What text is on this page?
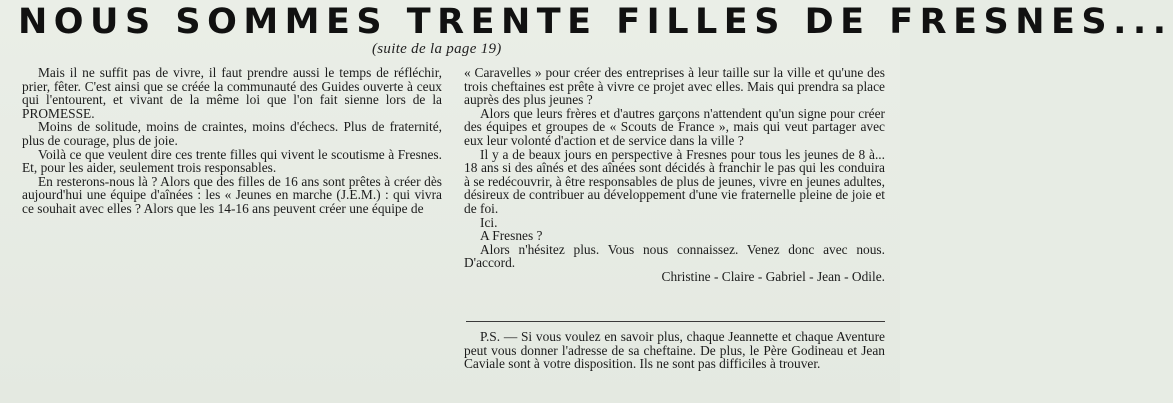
NOUS SOMMES TRENTE FILLES DE FRESNES...
(suite de la page 19)

Mais il ne suffit pas de vivre, il faut prendre aussi le temps de réfléchir, prier, fêter. C'est ainsi que se créée la communauté des Guides ouverte à ceux qui l'entourent, et vivant de la même loi que l'on fait sienne lors de la PROMESSE.

Moins de solitude, moins de craintes, moins d'échecs. Plus de fraternité, plus de courage, plus de joie.

Voilà ce que veulent dire ces trente filles qui vivent le scoutisme à Fresnes. Et, pour les aider, seulement trois responsables.

En resterons-nous là ? Alors que des filles de 16 ans sont prêtes à créer dès aujourd'hui une équipe d'aînées : les « Jeunes en marche (J.E.M.) : qui vivra ce souhait avec elles ? Alors que les 14-16 ans peuvent créer une équipe de

« Caravelles » pour créer des entreprises à leur taille sur la ville et qu'une des trois cheftaines est prête à vivre ce projet avec elles. Mais qui prendra sa place auprès des plus jeunes ?

Alors que leurs frères et d'autres garçons n'attendent qu'un signe pour créer des équipes et groupes de « Scouts de France », mais qui veut partager avec eux leur volonté d'action et de service dans la ville ?

Il y a de beaux jours en perspective à Fresnes pour tous les jeunes de 8 à... 18 ans si des aînés et des aînées sont décidés à franchir le pas qui les conduira à se redécouvrir, à être responsables de plus de jeunes, vivre en jeunes adultes, désireux de contribuer au développement d'une vie fraternelle pleine de joie et de foi.

Ici.

A Fresnes ?

Alors n'hésitez plus. Vous nous connaissez. Venez donc avec nous. D'accord.

Christine - Claire - Gabriel - Jean - Odile.

P.S. — Si vous voulez en savoir plus, chaque Jeannette et chaque Aventure peut vous donner l'adresse de sa cheftaine. De plus, le Père Godineau et Jean Caviale sont à votre disposition. Ils ne sont pas difficiles à trouver.
